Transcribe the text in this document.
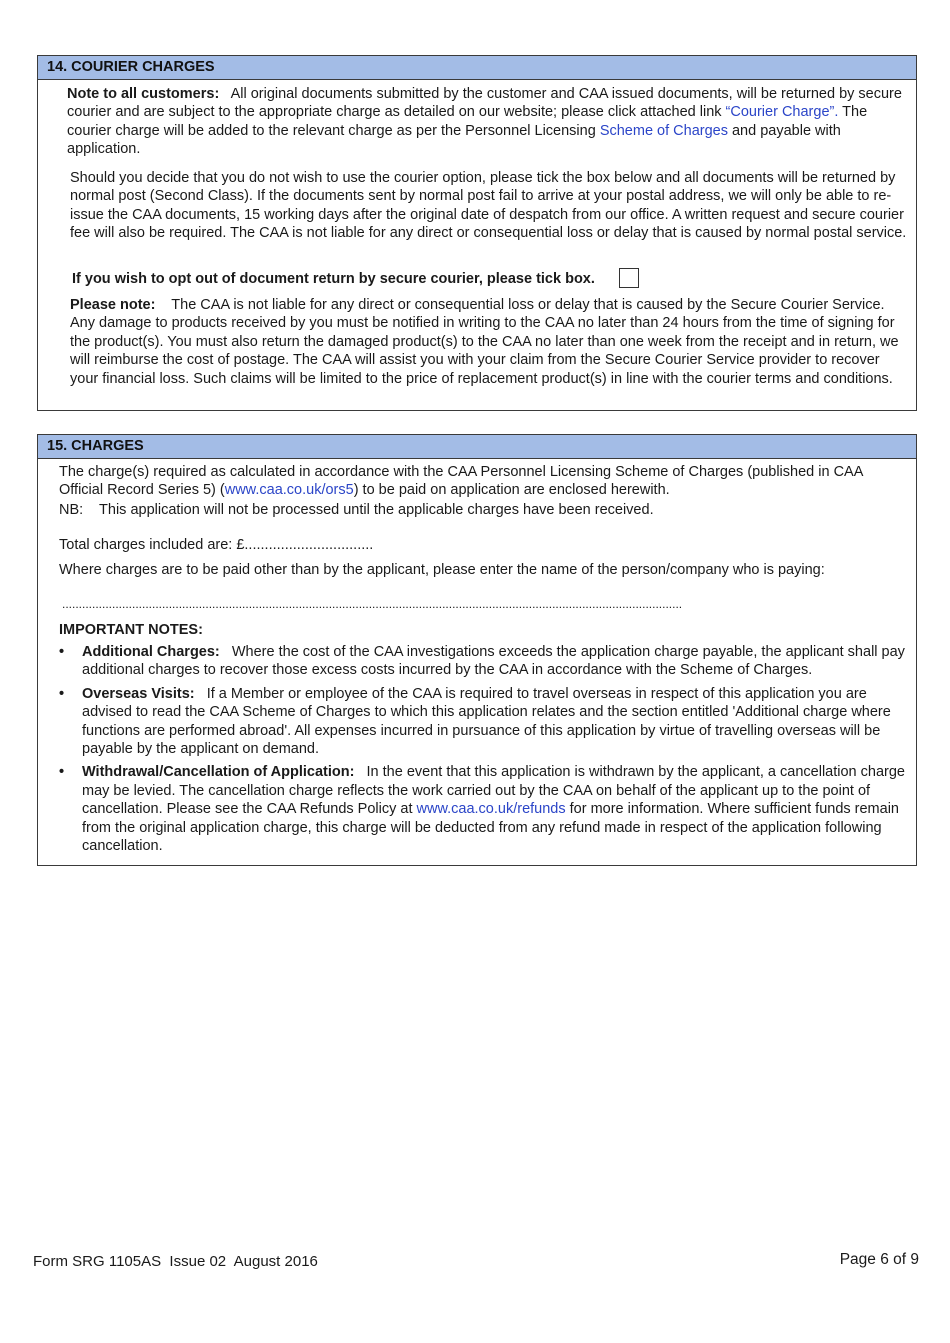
14. COURIER CHARGES

Note to all customers: All original documents submitted by the customer and CAA issued documents, will be returned by secure courier and are subject to the appropriate charge as detailed on our website; please click attached link “Courier Charge”. The courier charge will be added to the relevant charge as per the Personnel Licensing Scheme of Charges and payable with application.

Should you decide that you do not wish to use the courier option, please tick the box below and all documents will be returned by normal post (Second Class). If the documents sent by normal post fail to arrive at your postal address, we will only be able to re-issue the CAA documents, 15 working days after the original date of despatch from our office. A written request and secure courier fee will also be required. The CAA is not liable for any direct or consequential loss or delay that is caused by normal postal service.

If you wish to opt out of document return by secure courier, please tick box.

Please note: The CAA is not liable for any direct or consequential loss or delay that is caused by the Secure Courier Service. Any damage to products received by you must be notified in writing to the CAA no later than 24 hours from the time of signing for the product(s). You must also return the damaged product(s) to the CAA no later than one week from the receipt and in return, we will reimburse the cost of postage. The CAA will assist you with your claim from the Secure Courier Service provider to recover your financial loss. Such claims will be limited to the price of replacement product(s) in line with the courier terms and conditions.

15. CHARGES

The charge(s) required as calculated in accordance with the CAA Personnel Licensing Scheme of Charges (published in CAA Official Record Series 5) (www.caa.co.uk/ors5) to be paid on application are enclosed herewith.

NB: This application will not be processed until the applicable charges have been received.

Total charges included are: £................................

Where charges are to be paid other than by the applicant, please enter the name of the person/company who is paying:

..........................................................................................................................................................................................
IMPORTANT NOTES:
• Additional Charges: Where the cost of the CAA investigations exceeds the application charge payable, the applicant shall pay additional charges to recover those excess costs incurred by the CAA in accordance with the Scheme of Charges.
• Overseas Visits: If a Member or employee of the CAA is required to travel overseas in respect of this application you are advised to read the CAA Scheme of Charges to which this application relates and the section entitled 'Additional charge where functions are performed abroad'. All expenses incurred in pursuance of this application by virtue of travelling overseas will be payable by the applicant on demand.
• Withdrawal/Cancellation of Application: In the event that this application is withdrawn by the applicant, a cancellation charge may be levied. The cancellation charge reflects the work carried out by the CAA on behalf of the applicant up to the point of cancellation. Please see the CAA Refunds Policy at www.caa.co.uk/refunds for more information. Where sufficient funds remain from the original application charge, this charge will be deducted from any refund made in respect of the application following cancellation.
Form SRG 1105AS  Issue 02  August 2016	Page 6 of 9
